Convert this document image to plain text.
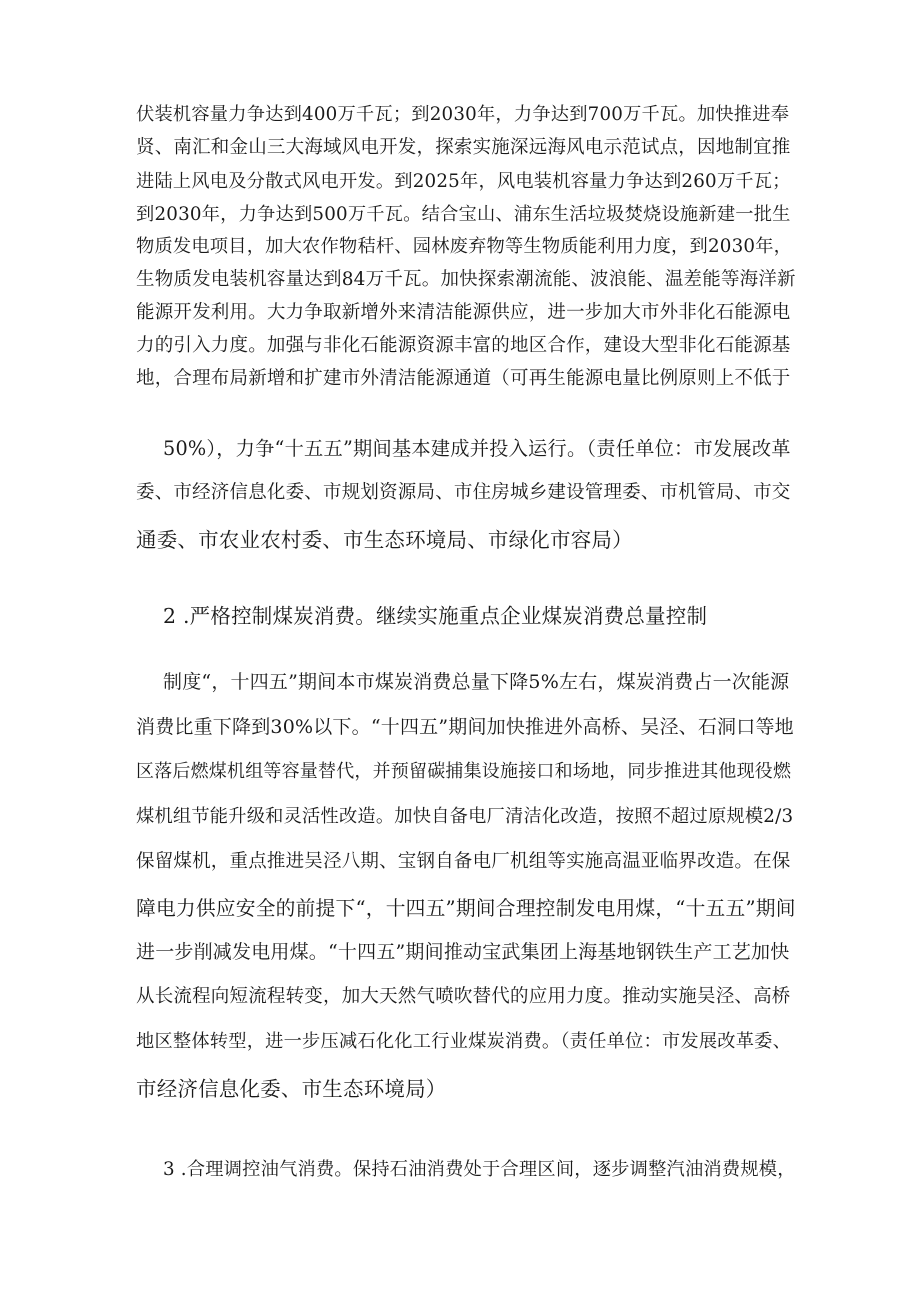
伏装机容量力争达到400万千瓦；到2030年，力争达到700万千瓦。加快推进奉
贤、南汇和金山三大海域风电开发，探索实施深远海风电示范试点，因地制宜推
进陆上风电及分散式风电开发。到2025年，风电装机容量力争达到260万千瓦；
到2030年，力争达到500万千瓦。结合宝山、浦东生活垃圾焚烧设施新建一批生
物质发电项目，加大农作物秸杆、园林废弃物等生物质能利用力度，到2030年，
生物质发电装机容量达到84万千瓦。加快探索潮流能、波浪能、温差能等海洋新
能源开发利用。大力争取新增外来清洁能源供应，进一步加大市外非化石能源电
力的引入力度。加强与非化石能源资源丰富的地区合作，建设大型非化石能源基
地，合理布局新增和扩建市外清洁能源通道（可再生能源电量比例原则上不低于
50%），力争“十五五”期间基本建成并投入运行。（责任单位：市发展改革
委、市经济信息化委、市规划资源局、市住房城乡建设管理委、市机管局、市交
通委、市农业农村委、市生态环境局、市绿化市容局）
2 .严格控制煤炭消费。继续实施重点企业煤炭消费总量控制
制度“，十四五”期间本市煤炭消费总量下降5%左右，煤炭消费占一次能源
消费比重下降到30%以下。“十四五”期间加快推进外高桥、吴泾、石洞口等地
区落后燃煤机组等容量替代，并预留碳捕集设施接口和场地，同步推进其他现役燃
煤机组节能升级和灵活性改造。加快自备电厂清洁化改造，按照不超过原规模2/3
保留煤机，重点推进吴泾八期、宝钢自备电厂机组等实施高温亚临界改造。在保
障电力供应安全的前提下“，十四五”期间合理控制发电用煤，“十五五”期间
进一步削减发电用煤。“十四五”期间推动宝武集团上海基地钢铁生产工艺加快
从长流程向短流程转变，加大天然气喷吹替代的应用力度。推动实施吴泾、高桥
地区整体转型，进一步压减石化化工行业煤炭消费。（责任单位：市发展改革委、
市经济信息化委、市生态环境局）
3 .合理调控油气消费。保持石油消费处于合理区间，逐步调整汽油消费规模，
